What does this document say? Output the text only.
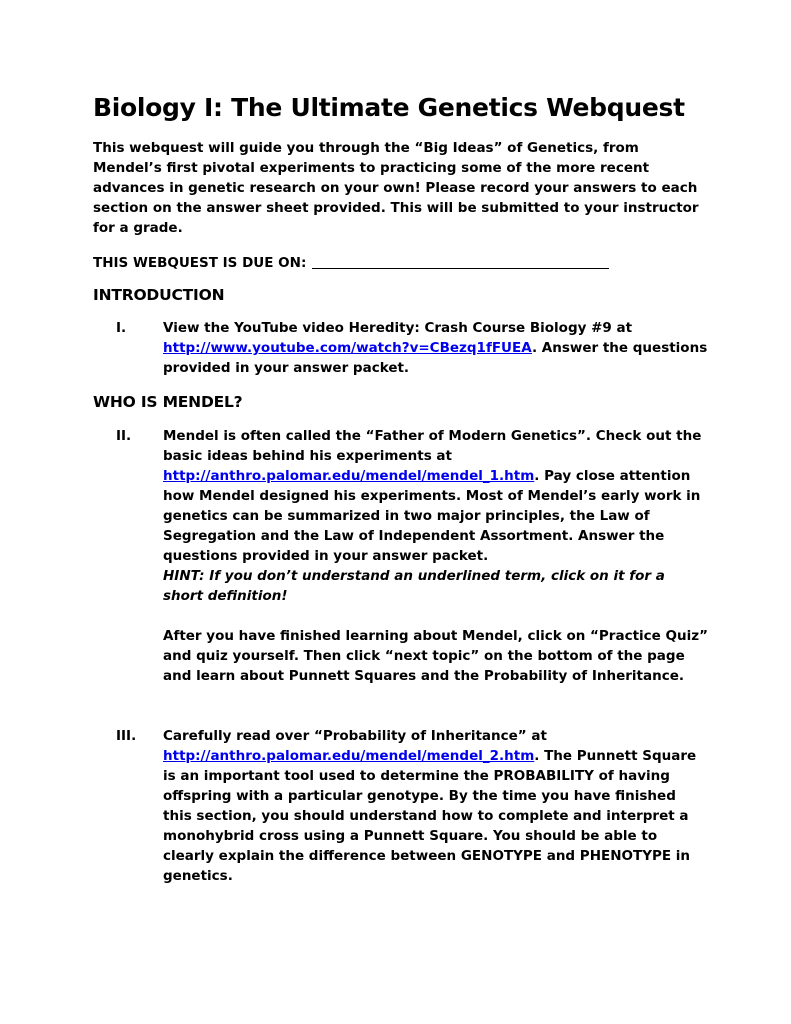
Biology I: The Ultimate Genetics Webquest

This webquest will guide you through the “Big Ideas” of Genetics, from Mendel’s first pivotal experiments to practicing some of the more recent advances in genetic research on your own! Please record your answers to each section on the answer sheet provided. This will be submitted to your instructor for a grade.

THIS WEBQUEST IS DUE ON:

INTRODUCTION
I.	View the YouTube video Heredity: Crash Course Biology #9 at http://www.youtube.com/watch?v=CBezq1fFUEA. Answer the questions provided in your answer packet.

WHO IS MENDEL?
II. Mendel is often called the “Father of Modern Genetics”. Check out the basic ideas behind his experiments at http://anthro.palomar.edu/mendel/mendel_1.htm. Pay close attention how Mendel designed his experiments. Most of Mendel’s early work in genetics can be summarized in two major principles, the Law of Segregation and the Law of Independent Assortment. Answer the questions provided in your answer packet.

HINT: If you don’t understand an underlined term, click on it for a short definition!

After you have finished learning about Mendel, click on “Practice Quiz” and quiz yourself. Then click “next topic” on the bottom of the page and learn about Punnett Squares and the Probability of Inheritance.

III. Carefully read over “Probability of Inheritance” at http://anthro.palomar.edu/mendel/mendel_2.htm. The Punnett Square is an important tool used to determine the PROBABILITY of having offspring with a particular genotype. By the time you have finished this section, you should understand how to complete and interpret a monohybrid cross using a Punnett Square. You should be able to clearly explain the difference between GENOTYPE and PHENOTYPE in genetics.
